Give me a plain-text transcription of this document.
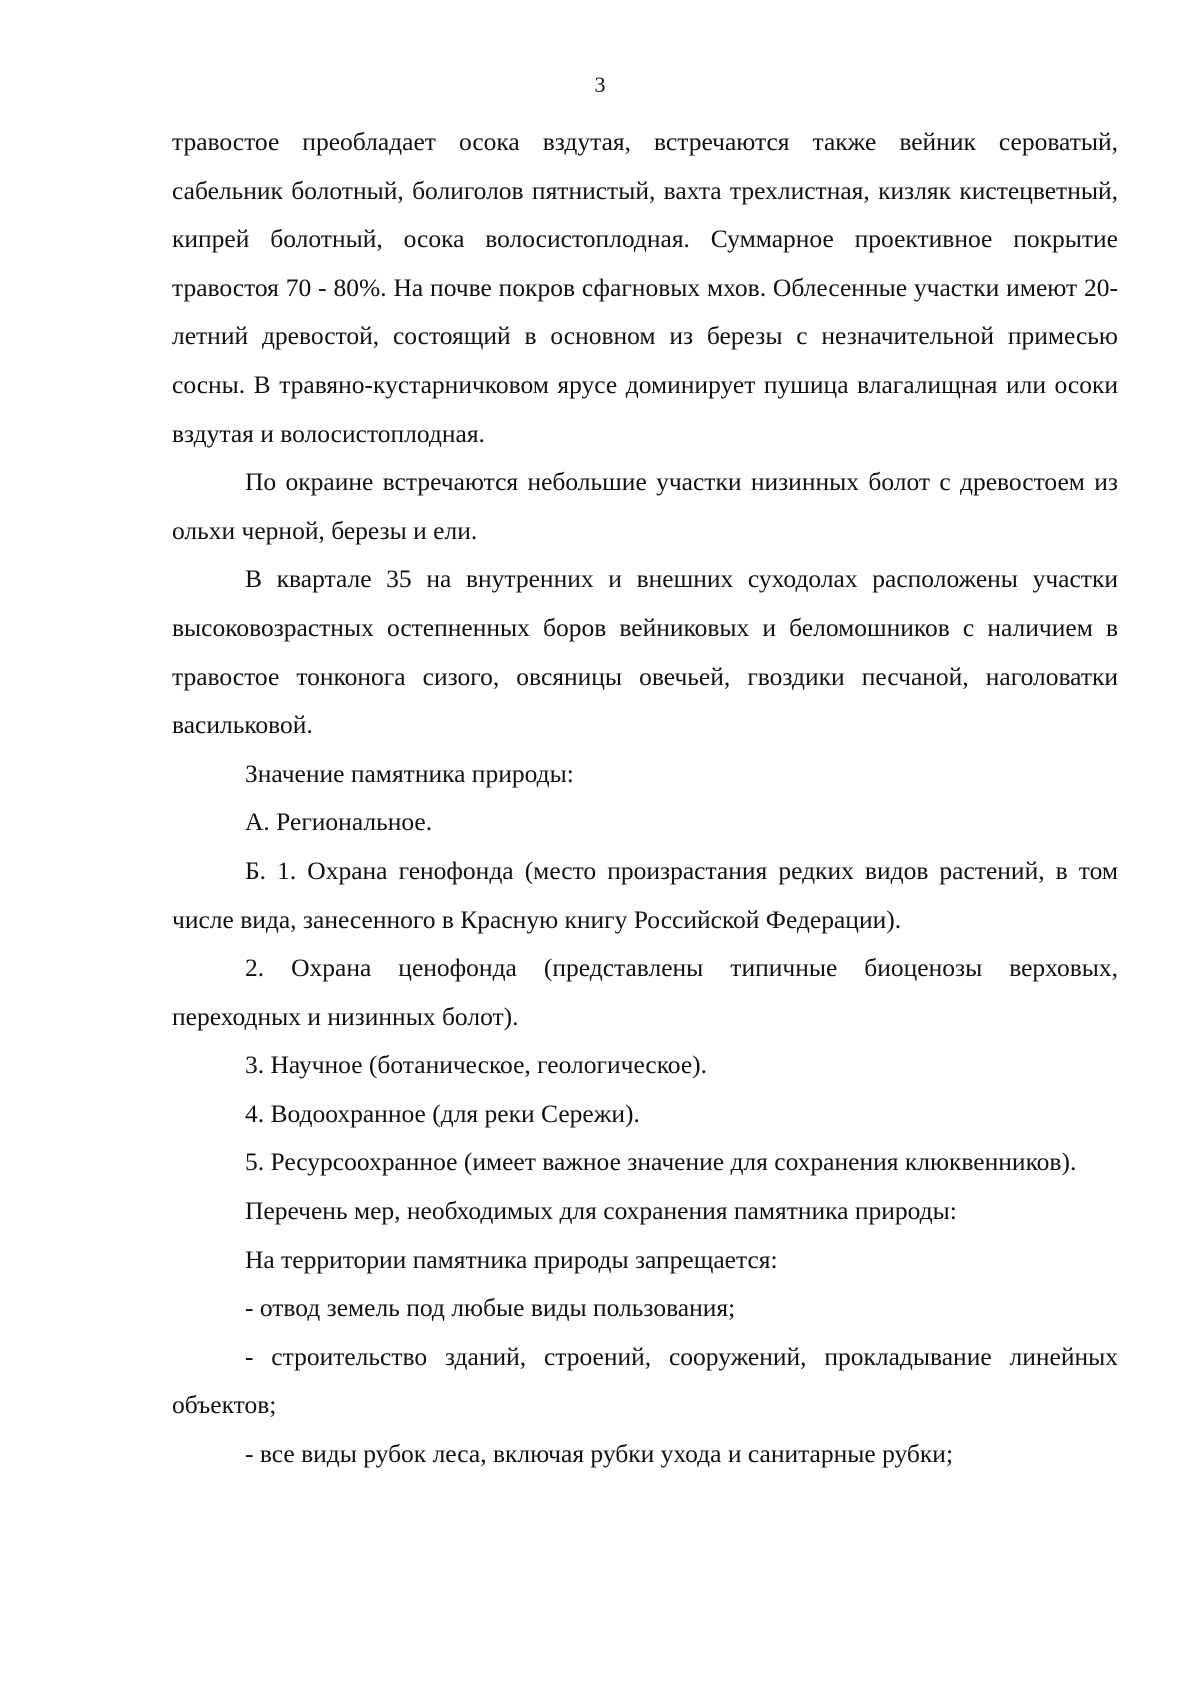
3

травостое преобладает осока вздутая, встречаются также вейник сероватый, сабельник болотный, болиголов пятнистый, вахта трехлистная, кизляк кистецветный, кипрей болотный, осока волосистоплодная. Суммарное проективное покрытие травостоя 70 - 80%. На почве покров сфагновых мхов. Облесенные участки имеют 20-летний древостой, состоящий в основном из березы с незначительной примесью сосны. В травяно-кустарничковом ярусе доминирует пушица влагалищная или осоки вздутая и волосистоплодная.

По окраине встречаются небольшие участки низинных болот с древостоем из ольхи черной, березы и ели.

В квартале 35 на внутренних и внешних суходолах расположены участки высоковозрастных остепненных боров вейниковых и беломошников с наличием в травостое тонконога сизого, овсяницы овечьей, гвоздики песчаной, наголоватки васильковой.

Значение памятника природы:

А. Региональное.

Б. 1. Охрана генофонда (место произрастания редких видов растений, в том числе вида, занесенного в Красную книгу Российской Федерации).

2. Охрана ценофонда (представлены типичные биоценозы верховых, переходных и низинных болот).

3. Научное (ботаническое, геологическое).

4. Водоохранное (для реки Сережи).

5. Ресурсоохранное (имеет важное значение для сохранения клюквенников).

Перечень мер, необходимых для сохранения памятника природы:

На территории памятника природы запрещается:

- отвод земель под любые виды пользования;

- строительство зданий, строений, сооружений, прокладывание линейных объектов;

- все виды рубок леса, включая рубки ухода и санитарные рубки;
